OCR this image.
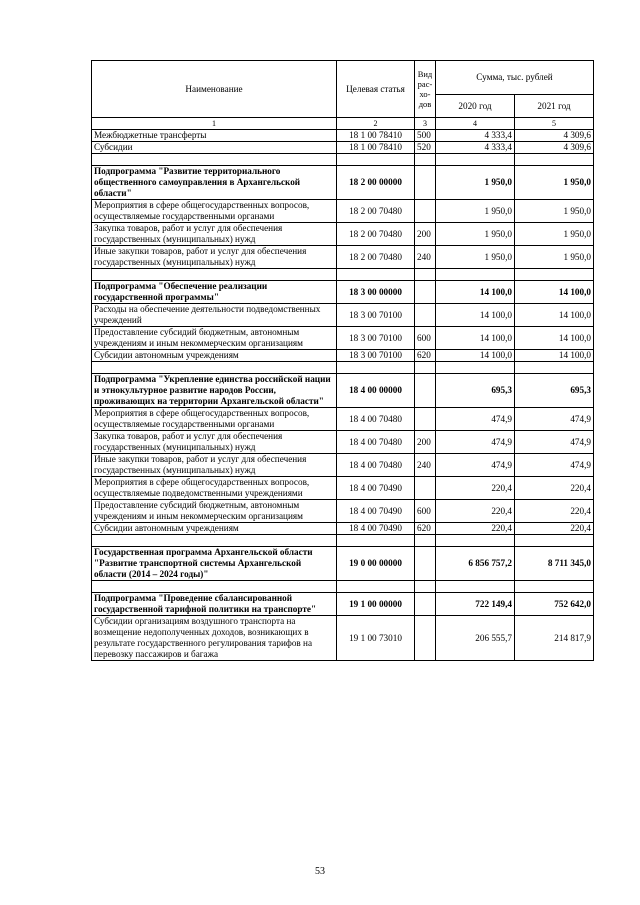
Наименование	Целевая статья	Вид рас- хо- дов	Сумма, тыс. рублей	
			2020 год	2021 год
1	2	3	4	5
Межбюджетные трансферты	18 1 00 78410	500	4 333,4	4 309,6
Субсидии	18 1 00 78410	520	4 333,4	4 309,6

Подпрограмма "Развитие территориального общественного самоуправления в Архангельской области"	18 2 00 00000		1 950,0	1 950,0
Мероприятия в сфере общегосударственных вопросов, осуществляемые государственными органами	18 2 00 70480		1 950,0	1 950,0
Закупка товаров, работ и услуг для обеспечения государственных (муниципальных) нужд	18 2 00 70480	200	1 950,0	1 950,0
Иные закупки товаров, работ и услуг для обеспечения государственных (муниципальных) нужд	18 2 00 70480	240	1 950,0	1 950,0

Подпрограмма "Обеспечение реализации государственной программы"	18 3 00 00000		14 100,0	14 100,0
Расходы на обеспечение деятельности подведомственных учреждений	18 3 00 70100		14 100,0	14 100,0
Предоставление субсидий бюджетным, автономным учреждениям и иным некоммерческим организациям	18 3 00 70100	600	14 100,0	14 100,0
Субсидии автономным учреждениям	18 3 00 70100	620	14 100,0	14 100,0

Подпрограмма "Укрепление единства российской нации и этнокультурное развитие народов России, проживающих на территории Архангельской области"	18 4 00 00000		695,3	695,3
Мероприятия в сфере общегосударственных вопросов, осуществляемые государственными органами	18 4 00 70480		474,9	474,9
Закупка товаров, работ и услуг для обеспечения государственных (муниципальных) нужд	18 4 00 70480	200	474,9	474,9
Иные закупки товаров, работ и услуг для обеспечения государственных (муниципальных) нужд	18 4 00 70480	240	474,9	474,9
Мероприятия в сфере общегосударственных вопросов, осуществляемые подведомственными учреждениями	18 4 00 70490		220,4	220,4
Предоставление субсидий бюджетным, автономным учреждениям и иным некоммерческим организациям	18 4 00 70490	600	220,4	220,4
Субсидии автономным учреждениям	18 4 00 70490	620	220,4	220,4

Государственная программа Архангельской области "Развитие транспортной системы Архангельской области (2014 – 2024 годы)"	19 0 00 00000		6 856 757,2	8 711 345,0

Подпрограмма "Проведение сбалансированной государственной тарифной политики на транспорте"	19 1 00 00000		722 149,4	752 642,0
Субсидии организациям воздушного транспорта на возмещение недополученных доходов, возникающих в результате государственного регулирования тарифов на перевозку пассажиров и багажа	19 1 00 73010		206 555,7	214 817,9
53
